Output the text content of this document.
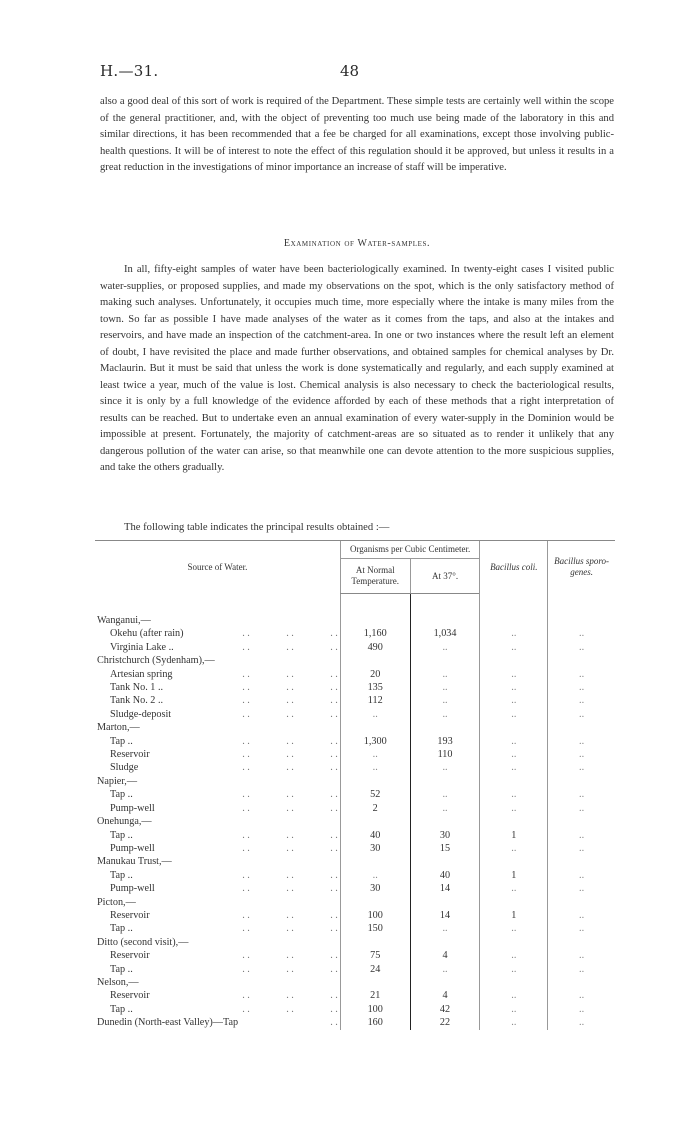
H.—31.	48

also a good deal of this sort of work is required of the Department. These simple tests are certainly well within the scope of the general practitioner, and, with the object of preventing too much use being made of the laboratory in this and similar directions, it has been recommended that a fee be charged for all examinations, except those involving public-health questions. It will be of interest to note the effect of this regulation should it be approved, but unless it results in a great reduction in the investigations of minor importance an increase of staff will be imperative.

Examination of Water-samples.

In all, fifty-eight samples of water have been bacteriologically examined. In twenty-eight cases I visited public water-supplies, or proposed supplies, and made my observations on the spot, which is the only satisfactory method of making such analyses. Unfortunately, it occupies much time, more especially where the intake is many miles from the town. So far as possible I have made analyses of the water as it comes from the taps, and also at the intakes and reservoirs, and have made an inspection of the catchment-area. In one or two instances where the result left an element of doubt, I have revisited the place and made further observations, and obtained samples for chemical analyses by Dr. Maclaurin. But it must be said that unless the work is done systematically and regularly, and each supply examined at least twice a year, much of the value is lost. Chemical analysis is also necessary to check the bacteriological results, since it is only by a full knowledge of the evidence afforded by each of these methods that a right interpretation of results can be reached. But to undertake even an annual examination of every water-supply in the Dominion would be impossible at present. Fortunately, the majority of catchment-areas are so situated as to render it unlikely that any dangerous pollution of the water can arise, so that meanwhile one can devote attention to the more suspicious supplies, and take the others gradually.

The following table indicates the principal results obtained :—
Source of Water.	Organisms per Cubic Centimeter.		Bacillus coli.	Bacillus sporo-genes.
	At Normal Temperature.	At 37°.		

Wanganui,—				
Okehu (after rain) . . . . . .	1,160	1,034	..	..
Virginia Lake .. . . . . . .	490	..	..	..
Christchurch (Sydenham),—				
Artesian spring . . . . . .	20	..	..	..
Tank No. 1 .. . . . . . .	135	..	..	..
Tank No. 2 .. . . . . . .	112	..	..	..
Sludge-deposit . . . . . .	..	..	..	..
Marton,—				
Tap .. . . . . . .	1,300	193	..	..
Reservoir . . . . . .	..	110	..	..
Sludge . . . . . .	..	..	..	..
Napier,—				
Tap .. . . . . . .	52	..	..	..
Pump-well . . . . . .	2	..	..	..
Onehunga,—				
Tap .. . . . . . .	40	30	1	..
Pump-well . . . . . .	30	15	..	..
Manukau Trust,—				
Tap .. . . . . . .	..	40	1	..
Pump-well . . . . . .	30	14	..	..
Picton,—				
Reservoir . . . . . .	100	14	1	..
Tap .. . . . . . .	150	..	..	..
Ditto (second visit),—				
Reservoir . . . . . .	75	4	..	..
Tap .. . . . . . .	24	..	..	..
Nelson,—				
Reservoir . . . . . .	21	4	..	..
Tap .. . . . . . .	100	42	..	..
Dunedin (North-east Valley)—Tap . .	160	22	..	..
